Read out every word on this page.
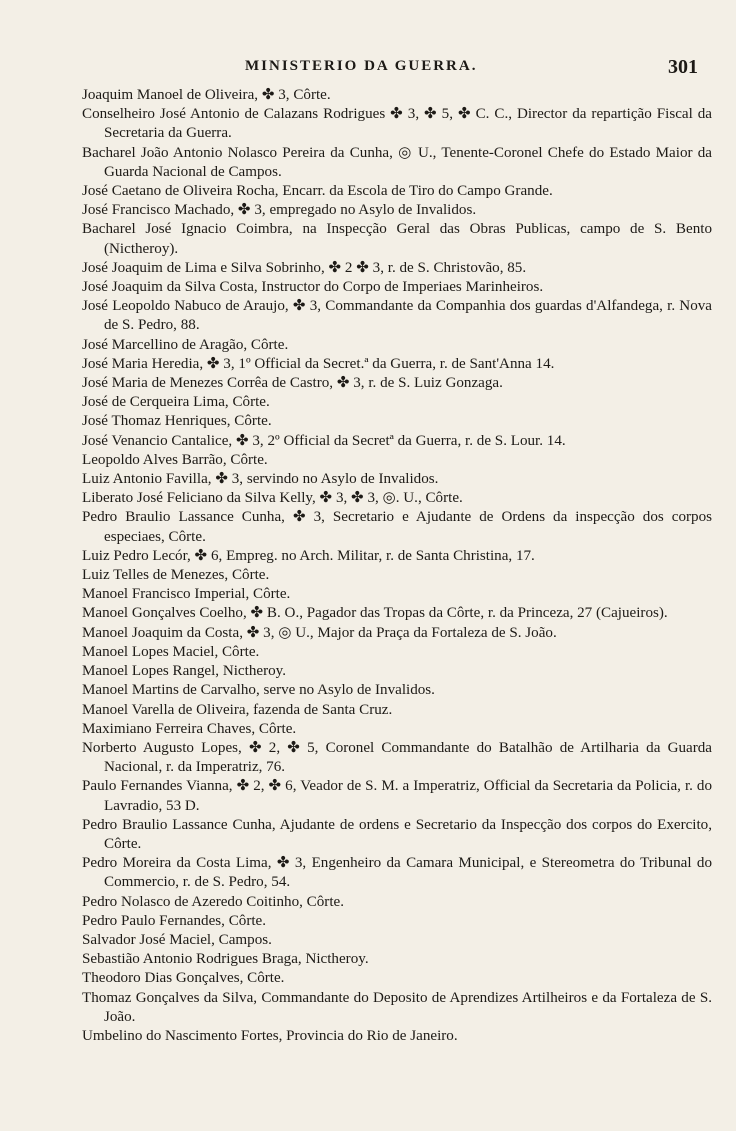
MINISTERIO DA GUERRA.	301
Joaquim Manoel de Oliveira, ✤ 3, Côrte.
Conselheiro José Antonio de Calazans Rodrigues ✤ 3, ✤ 5, ✤ C. C., Director da repartição Fiscal da Secretaria da Guerra.
Bacharel João Antonio Nolasco Pereira da Cunha, ◎ U., Tenente-Coronel Chefe do Estado Maior da Guarda Nacional de Campos.
José Caetano de Oliveira Rocha, Encarr. da Escola de Tiro do Campo Grande.
José Francisco Machado, ✤ 3, empregado no Asylo de Invalidos.
Bacharel José Ignacio Coimbra, na Inspecção Geral das Obras Publicas, campo de S. Bento (Nictheroy).
José Joaquim de Lima e Silva Sobrinho, ✤ 2 ✤ 3, r. de S. Christovão, 85.
José Joaquim da Silva Costa, Instructor do Corpo de Imperiaes Marinheiros.
José Leopoldo Nabuco de Araujo, ✤ 3, Commandante da Companhia dos guardas d'Alfandega, r. Nova de S. Pedro, 88.
José Marcellino de Aragão, Côrte.
José Maria Heredia, ✤ 3, 1º Official da Secret.ª da Guerra, r. de Sant'Anna 14.
José Maria de Menezes Corrêa de Castro, ✤ 3, r. de S. Luiz Gonzaga.
José de Cerqueira Lima, Côrte.
José Thomaz Henriques, Côrte.
José Venancio Cantalice, ✤ 3, 2º Official da Secretª da Guerra, r. de S. Lour. 14.
Leopoldo Alves Barrão, Côrte.
Luiz Antonio Favilla, ✤ 3, servindo no Asylo de Invalidos.
Liberato José Feliciano da Silva Kelly, ✤ 3, ✤ 3, ◎. U., Côrte.
Pedro Braulio Lassance Cunha, ✤ 3, Secretario e Ajudante de Ordens da inspecção dos corpos especiaes, Côrte.
Luiz Pedro Lecór, ✤ 6, Empreg. no Arch. Militar, r. de Santa Christina, 17.
Luiz Telles de Menezes, Côrte.
Manoel Francisco Imperial, Côrte.
Manoel Gonçalves Coelho, ✤ B. O., Pagador das Tropas da Côrte, r. da Princeza, 27 (Cajueiros).
Manoel Joaquim da Costa, ✤ 3, ◎ U., Major da Praça da Fortaleza de S. João.
Manoel Lopes Maciel, Côrte.
Manoel Lopes Rangel, Nictheroy.
Manoel Martins de Carvalho, serve no Asylo de Invalidos.
Manoel Varella de Oliveira, fazenda de Santa Cruz.
Maximiano Ferreira Chaves, Côrte.
Norberto Augusto Lopes, ✤ 2, ✤ 5, Coronel Commandante do Batalhão de Artilharia da Guarda Nacional, r. da Imperatriz, 76.
Paulo Fernandes Vianna, ✤ 2, ✤ 6, Veador de S. M. a Imperatriz, Official da Secretaria da Policia, r. do Lavradio, 53 D.
Pedro Braulio Lassance Cunha, Ajudante de ordens e Secretario da Inspecção dos corpos do Exercito, Côrte.
Pedro Moreira da Costa Lima, ✤ 3, Engenheiro da Camara Municipal, e Stereometra do Tribunal do Commercio, r. de S. Pedro, 54.
Pedro Nolasco de Azeredo Coitinho, Côrte.
Pedro Paulo Fernandes, Côrte.
Salvador José Maciel, Campos.
Sebastião Antonio Rodrigues Braga, Nictheroy.
Theodoro Dias Gonçalves, Côrte.
Thomaz Gonçalves da Silva, Commandante do Deposito de Aprendizes Artilheiros e da Fortaleza de S. João.
Umbelino do Nascimento Fortes, Provincia do Rio de Janeiro.
